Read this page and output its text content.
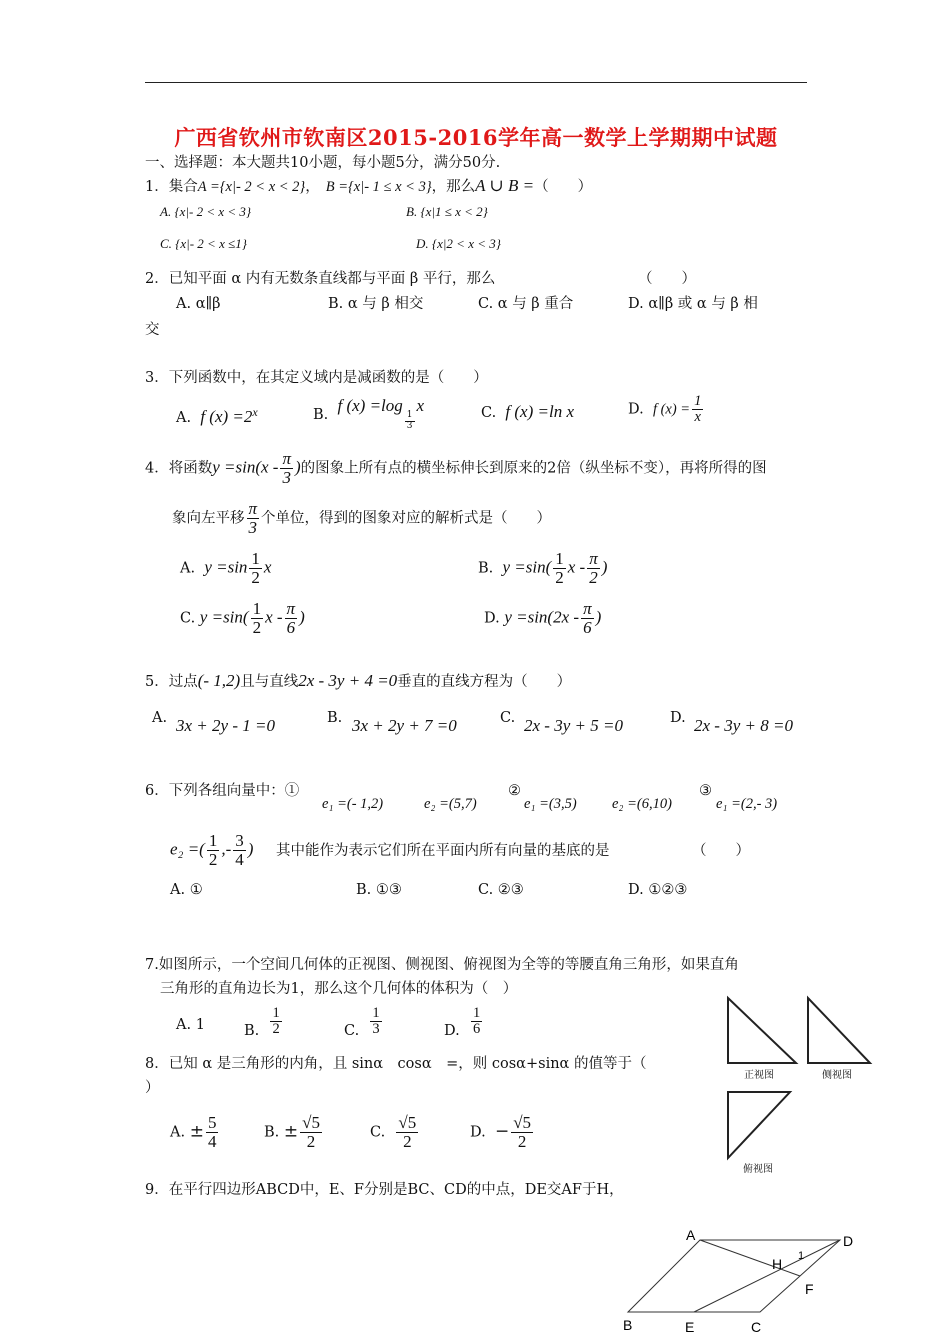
广西省钦州市钦南区2015-2016学年高一数学上学期期中试题
一、选择题：本大题共10小题，每小题5分，满分50分.
1．集合A ={x|- 2 < x < 2}， B ={x|- 1 ≤ x < 3}，那么A ∪ B =（　　）
A. {x|- 2 < x < 3}	B. {x|1 ≤ x < 2}
C. {x|- 2 < x ≤1}	D. {x|2 < x < 3}
2．已知平面 α 内有无数条直线都与平面 β 平行，那么	（　　）
A. α∥β	B. α 与 β 相交	C. α 与 β 重合	D. α∥β 或 α 与 β 相
交
3．下列函数中，在其定义域内是减函数的是（　　）
A. f $(x) =2^x$	B. f (x) =log
$\frac{1}{3}$
x	C. f (x) =ln x	D. f $(x) = \frac{1}{x}$
4．将函数$y =\sin(x - \frac{\pi}{3}$ )的图象上所有点的横坐标伸长到原来的2倍（纵坐标不变），再将所得的图
象向左平移 $\frac{\pi}{3}$ 个单位，得到的图象对应的解析式是（　　）
A. $y =\sin \frac{1}{2}$ x	B. $y =\sin( \frac{1}{2}$ x - $\frac{\pi}{2}$ )
C. $y =\sin( \frac{1}{2}$ x - $\frac{\pi}{6}$ )	D. $y =\sin(2x - \frac{\pi}{6}$ )
5．过点(- 1,2)且与直线2x - 3y + 4 =0垂直的直线方程为（　　）
A. 3x + 2y - 1 =0	B. 3x + 2y + 7 =0	C. 2x - 3y + 5 =0	D. 2x - 3y + 8 =0
6．下列各组向量中：①
e₁ =(- 1,2)	e₂ =(5,7)
②
e₁ =(3,5) e₂ =(6,10)
③
e₁ =(2,- 3)
e₂ =( $\frac{1}{2}$ ,- $\frac{3}{4}$ ) 其中能作为表示它们所在平面内所有向量的基底的是	（　　）
A. ①	B. ①③	C. ②③	D. ①②③
7.如图所示，一个空间几何体的正视图、侧视图、俯视图为全等的等腰直角三角形，如果直角
三角形的直角边长为1，那么这个几何体的体积为（　）
A. 1	B. $\frac{1}{2}$	C. $\frac{1}{3}$	D. $\frac{1}{6}$
正视图	侧视图
俯视图
8．已知 α 是三角形的内角，且 sinα　cosα　=，则 cosα+sinα 的值等于（
）
A. ± $\frac{5}{4}$	B. ± $\frac{√5}{2}$	C. $\frac{√5}{2}$	D. − $\frac{√5}{2}$
9．在平行四边形ABCD中，E、F分别是BC、CD的中点，DE交AF于H，
A	D
H 1
F
B	E	C
